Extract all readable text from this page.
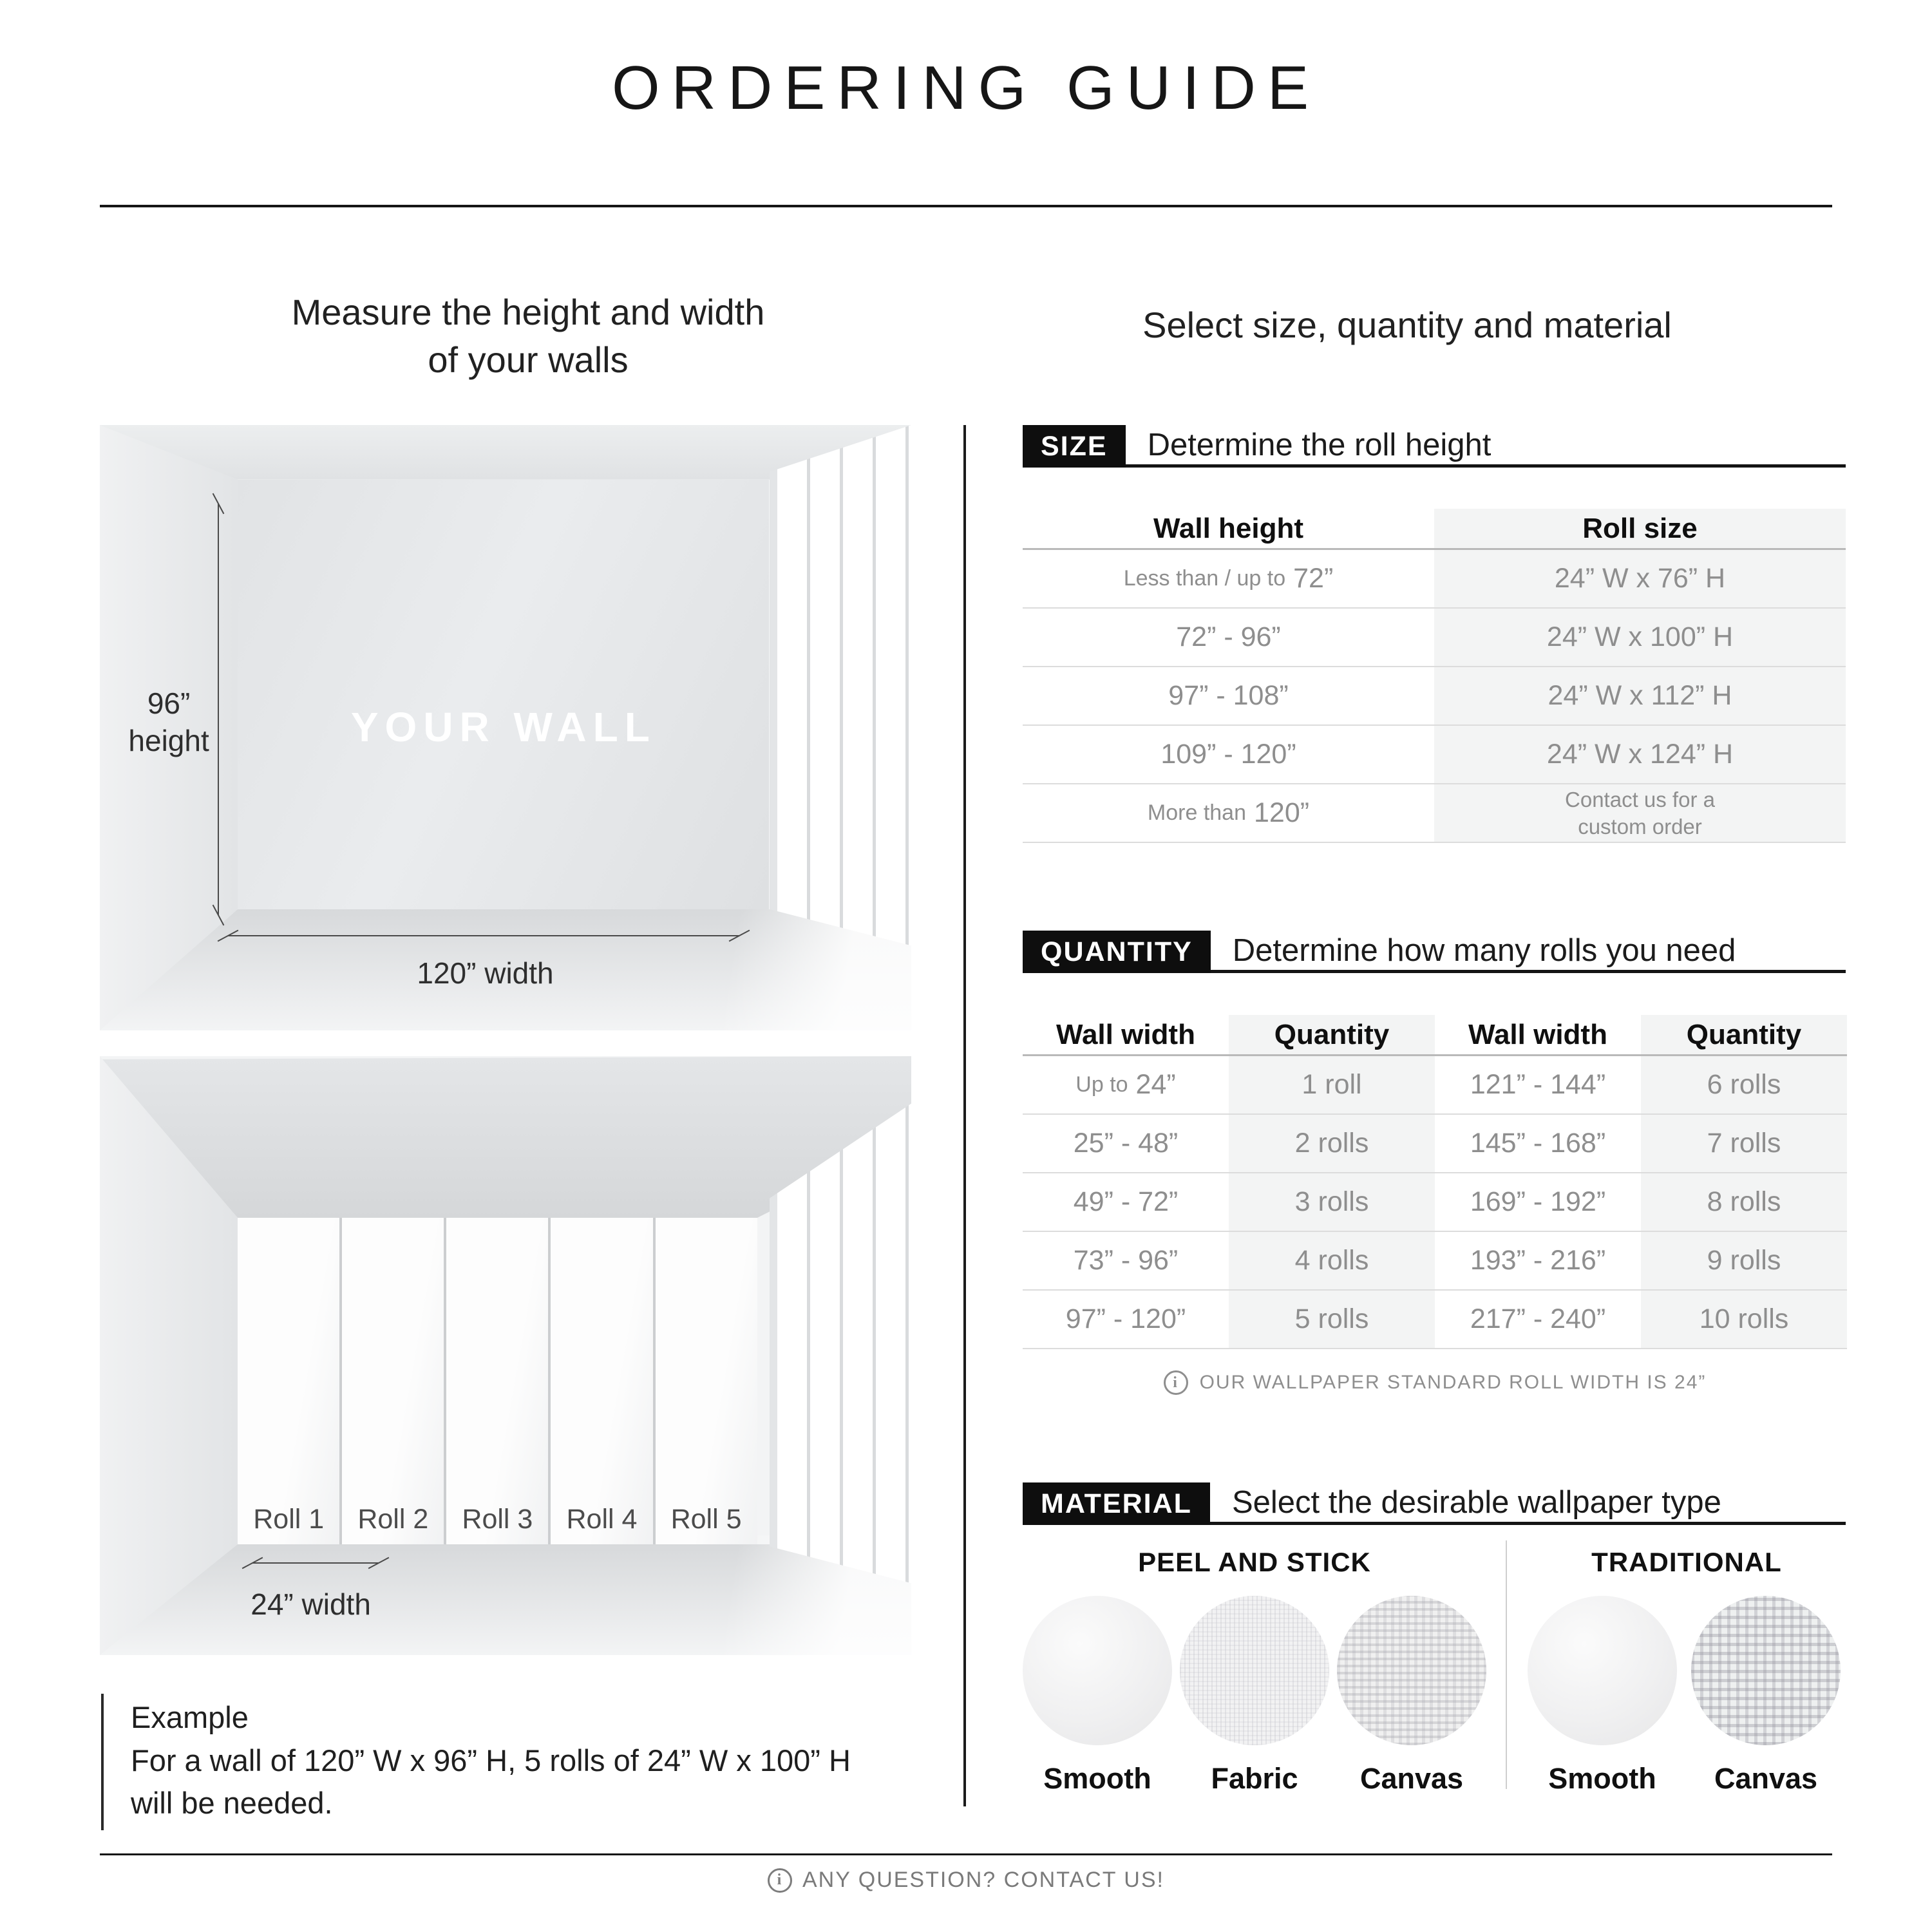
ORDERING GUIDE
Measure the height and width
of your walls
Select size, quantity and material
YOUR WALL
96”
height
120” width
Roll 1	Roll 2	Roll 3	Roll 4	Roll 5
24” width
Example
For a wall of 120” W x 96” H, 5 rolls of 24” W x 100” H
will be needed.
SIZE	Determine the roll height
Wall height	Roll size
Less than / up to 72”	24” W x 76” H
72” - 96”	24” W x 100” H
97” - 108”	24” W x 112” H
109” - 120”	24” W x 124” H
More than 120”	Contact us for a
custom order
QUANTITY	Determine how many rolls you need
Wall width	Quantity	Wall width	Quantity
Up to 24”	1 roll	121” - 144”	6 rolls
25” - 48”	2 rolls	145” - 168”	7 rolls
49” - 72”	3 rolls	169” - 192”	8 rolls
73” - 96”	4 rolls	193” - 216”	9 rolls
97” - 120”	5 rolls	217” - 240”	10 rolls
i	OUR WALLPAPER STANDARD ROLL WIDTH IS 24”
MATERIAL	Select the desirable wallpaper type
PEEL AND STICK	TRADITIONAL
Smooth	Fabric	Canvas	Smooth	Canvas
i ANY QUESTION? CONTACT US!
